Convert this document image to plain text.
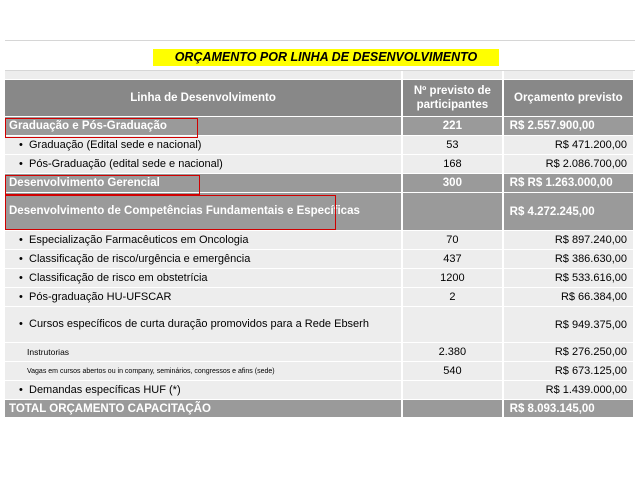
ORÇAMENTO POR LINHA DE DESENVOLVIMENTO

Linha de Desenvolvimento	Nº previsto de participantes	Orçamento previsto
Graduação e Pós-Graduação	221	R$ 2.557.900,00
• Graduação (Edital sede e nacional)	53	R$ 471.200,00
• Pós-Graduação (edital sede e nacional)	168	R$ 2.086.700,00
Desenvolvimento Gerencial	300	R$ R$ 1.263.000,00
Desenvolvimento de Competências Fundamentais e Específicas		R$ 4.272.245,00
• Especialização Farmacêuticos em Oncologia	70	R$ 897.240,00
• Classificação de risco/urgência e emergência	437	R$ 386.630,00
• Classificação de risco em obstetrícia	1200	R$ 533.616,00
• Pós-graduação HU-UFSCAR	2	R$ 66.384,00
• Cursos específicos de curta duração promovidos para a Rede Ebserh		R$ 949.375,00
Instrutorias	2.380	R$ 276.250,00
Vagas em cursos abertos ou in company, seminários, congressos e afins (sede)	540	R$ 673.125,00
• Demandas específicas HUF (*)		R$ 1.439.000,00
TOTAL ORÇAMENTO CAPACITAÇÃO		R$ 8.093.145,00
